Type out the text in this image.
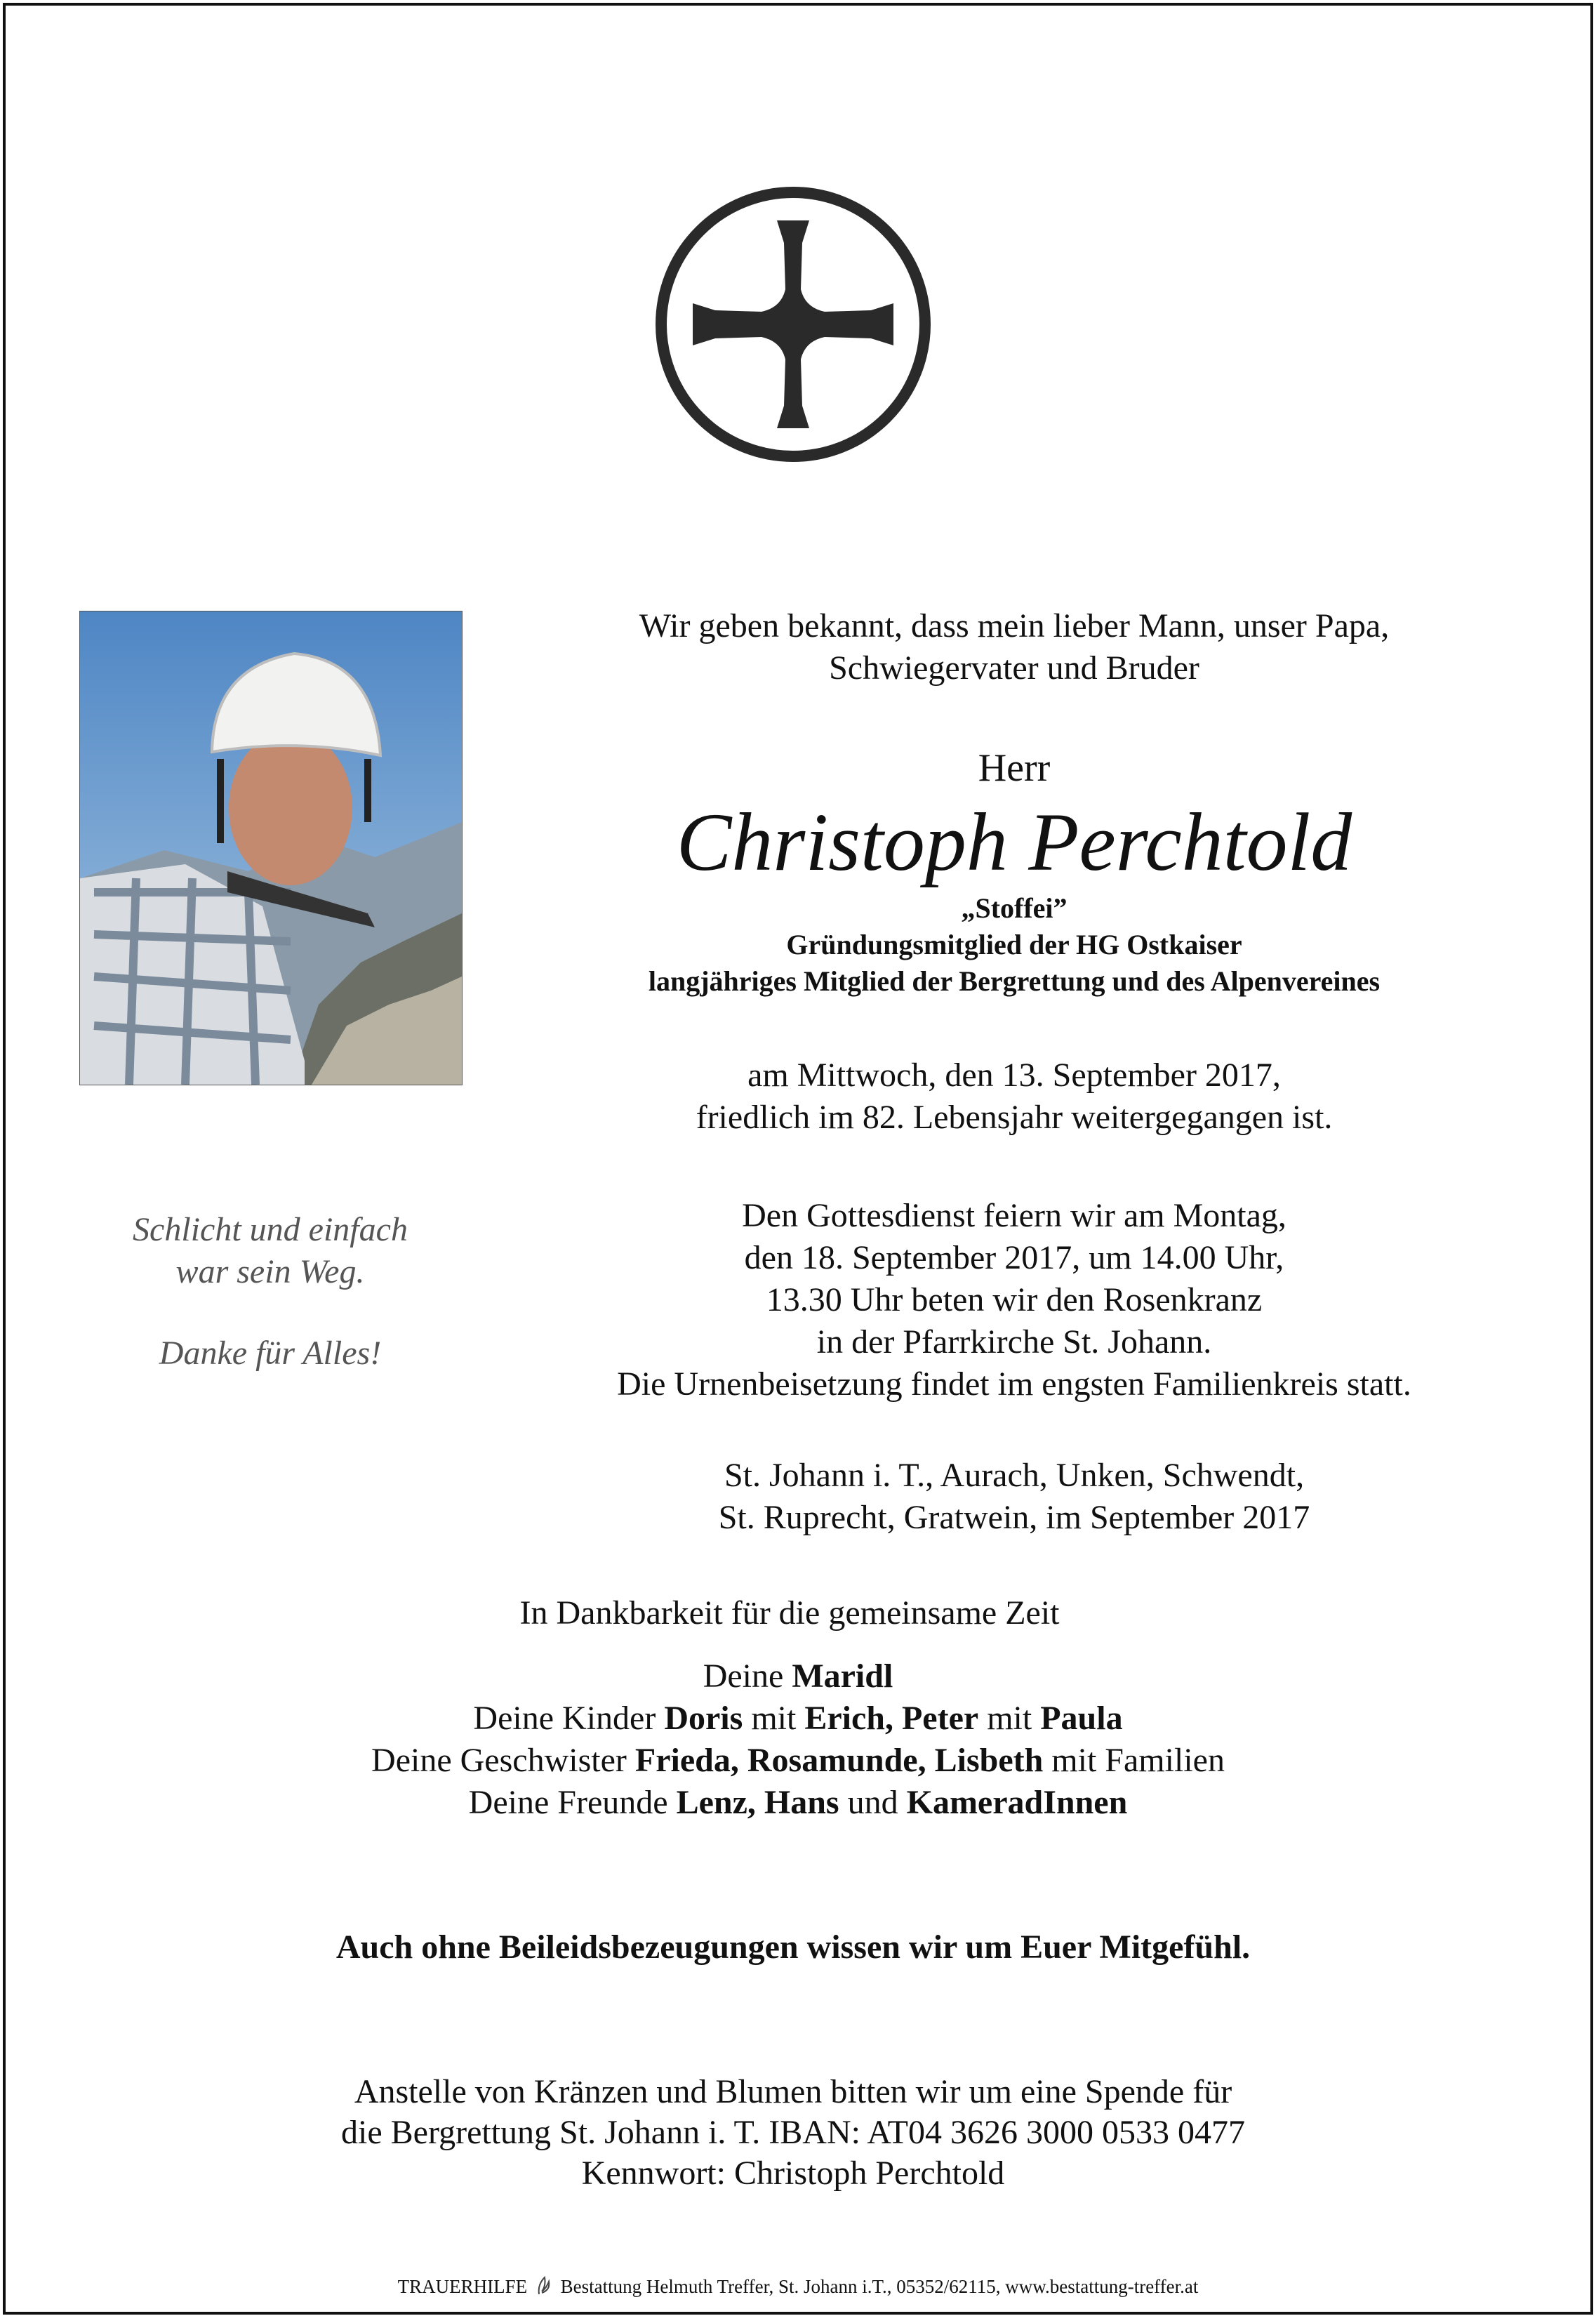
Schlicht und einfach
war sein Weg.
Danke für Alles!
Wir geben bekannt, dass mein lieber Mann, unser Papa,
Schwiegervater und Bruder
Herr
Christoph Perchtold
„Stoffei”
Gründungsmitglied der HG Ostkaiser
langjähriges Mitglied der Bergrettung und des Alpenvereines
am Mittwoch, den 13. September 2017,
friedlich im 82. Lebensjahr weitergegangen ist.
Den Gottesdienst feiern wir am Montag,
den 18. September 2017, um 14.00 Uhr,
13.30 Uhr beten wir den Rosenkranz
in der Pfarrkirche St. Johann.
Die Urnenbeisetzung findet im engsten Familienkreis statt.
St. Johann i. T., Aurach, Unken, Schwendt,
St. Ruprecht, Gratwein, im September 2017
In Dankbarkeit für die gemeinsame Zeit
Deine Maridl
Deine Kinder Doris mit Erich, Peter mit Paula
Deine Geschwister Frieda, Rosamunde, Lisbeth mit Familien
Deine Freunde Lenz, Hans und KameradInnen
Auch ohne Beileidsbezeugungen wissen wir um Euer Mitgefühl.
Anstelle von Kränzen und Blumen bitten wir um eine Spende für
die Bergrettung St. Johann i. T. IBAN: AT04 3626 3000 0533 0477
Kennwort: Christoph Perchtold
TRAUERHILFE Bestattung Helmuth Treffer, St. Johann i.T., 05352/62115, www.bestattung-treffer.at
